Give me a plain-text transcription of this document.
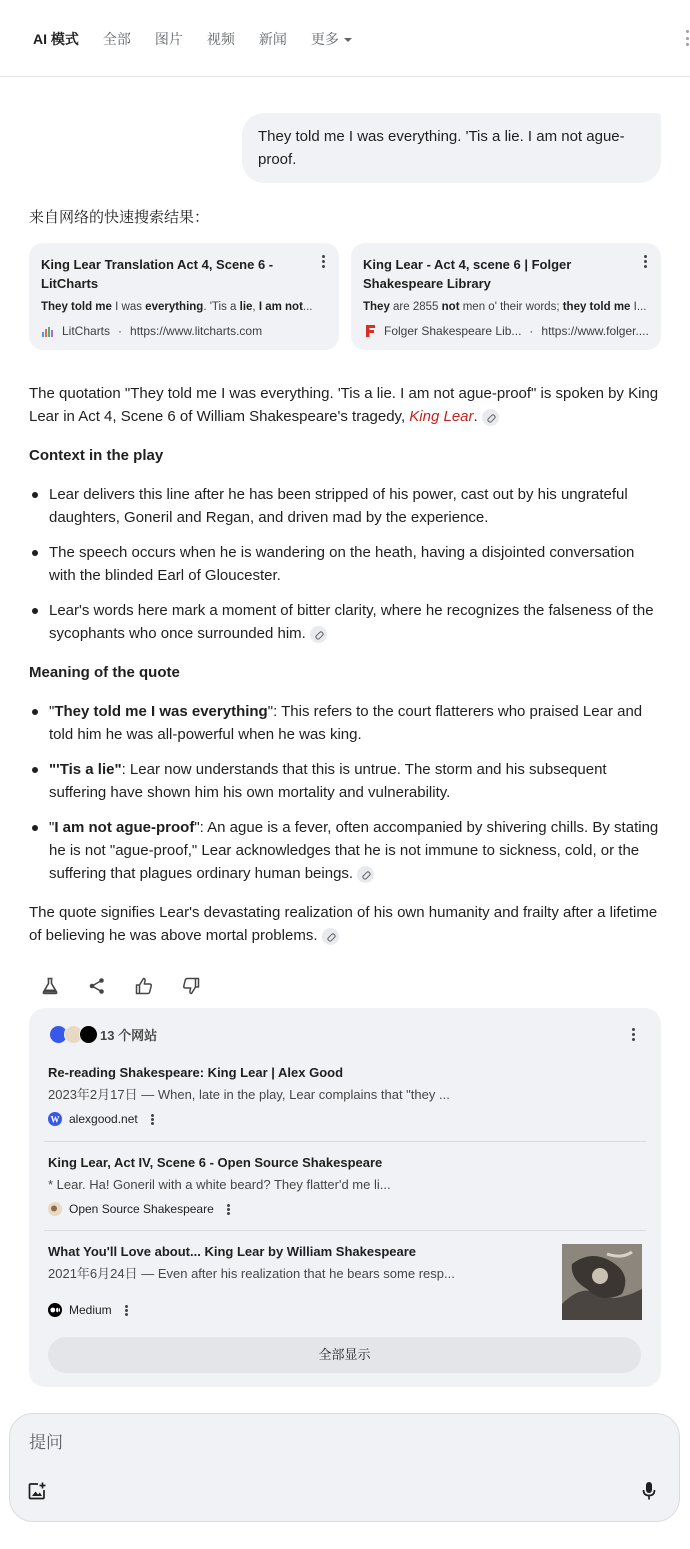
AI 模式 全部 图片 视频 新闻 更多
They told me I was everything. 'Tis a lie. I am not ague-proof.
来自网络的快速搜索结果：
King Lear Translation Act 4, Scene 6 - LitCharts
They told me I was everything. 'Tis a lie, I am not...
LitCharts · https://www.litcharts.com
King Lear - Act 4, scene 6 | Folger Shakespeare Library
They are 2855 not men o' their words; they told me I...
Folger Shakespeare Lib... · https://www.folger....
The quotation "They told me I was everything. 'Tis a lie. I am not ague-proof" is spoken by King Lear in Act 4, Scene 6 of William Shakespeare's tragedy, King Lear.
Context in the play
Lear delivers this line after he has been stripped of his power, cast out by his ungrateful daughters, Goneril and Regan, and driven mad by the experience.
The speech occurs when he is wandering on the heath, having a disjointed conversation with the blinded Earl of Gloucester.
Lear's words here mark a moment of bitter clarity, where he recognizes the falseness of the sycophants who once surrounded him.
Meaning of the quote
"They told me I was everything": This refers to the court flatterers who praised Lear and told him he was all-powerful when he was king.
"'Tis a lie": Lear now understands that this is untrue. The storm and his subsequent suffering have shown him his own mortality and vulnerability.
"I am not ague-proof": An ague is a fever, often accompanied by shivering chills. By stating he is not "ague-proof," Lear acknowledges that he is not immune to sickness, cold, or the suffering that plagues ordinary human beings.
The quote signifies Lear's devastating realization of his own humanity and frailty after a lifetime of believing he was above mortal problems.
13 个网站
Re-reading Shakespeare: King Lear | Alex Good
2023年2月17日 — When, late in the play, Lear complains that "they ...
W alexgood.net
King Lear, Act IV, Scene 6 - Open Source Shakespeare
* Lear. Ha! Goneril with a white beard? They flatter'd me li...
Open Source Shakespeare
What You'll Love about... King Lear by William Shakespeare
2021年6月24日 — Even after his realization that he bears some resp...
Medium
全部显示
提问
